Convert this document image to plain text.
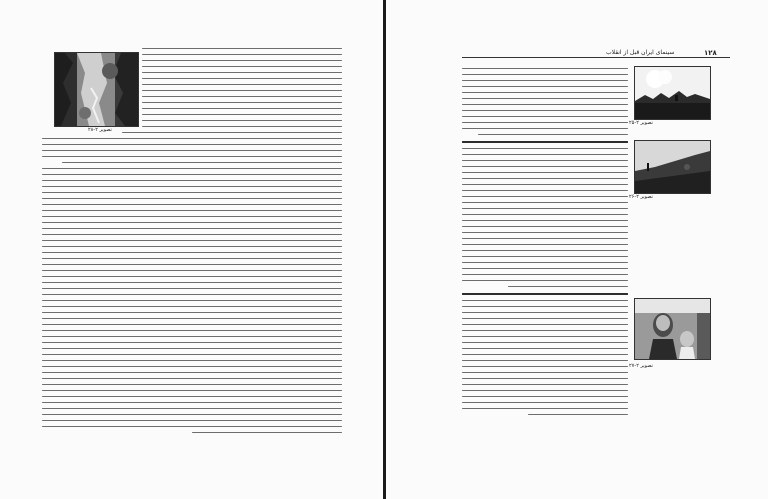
تصویر ۲-۲۸
۱۲۸
سینمای ایران قبل از انقلاب
تصویر ۲-۲۵
تصویر ۲-۲۶
تصویر ۲-۲۷
